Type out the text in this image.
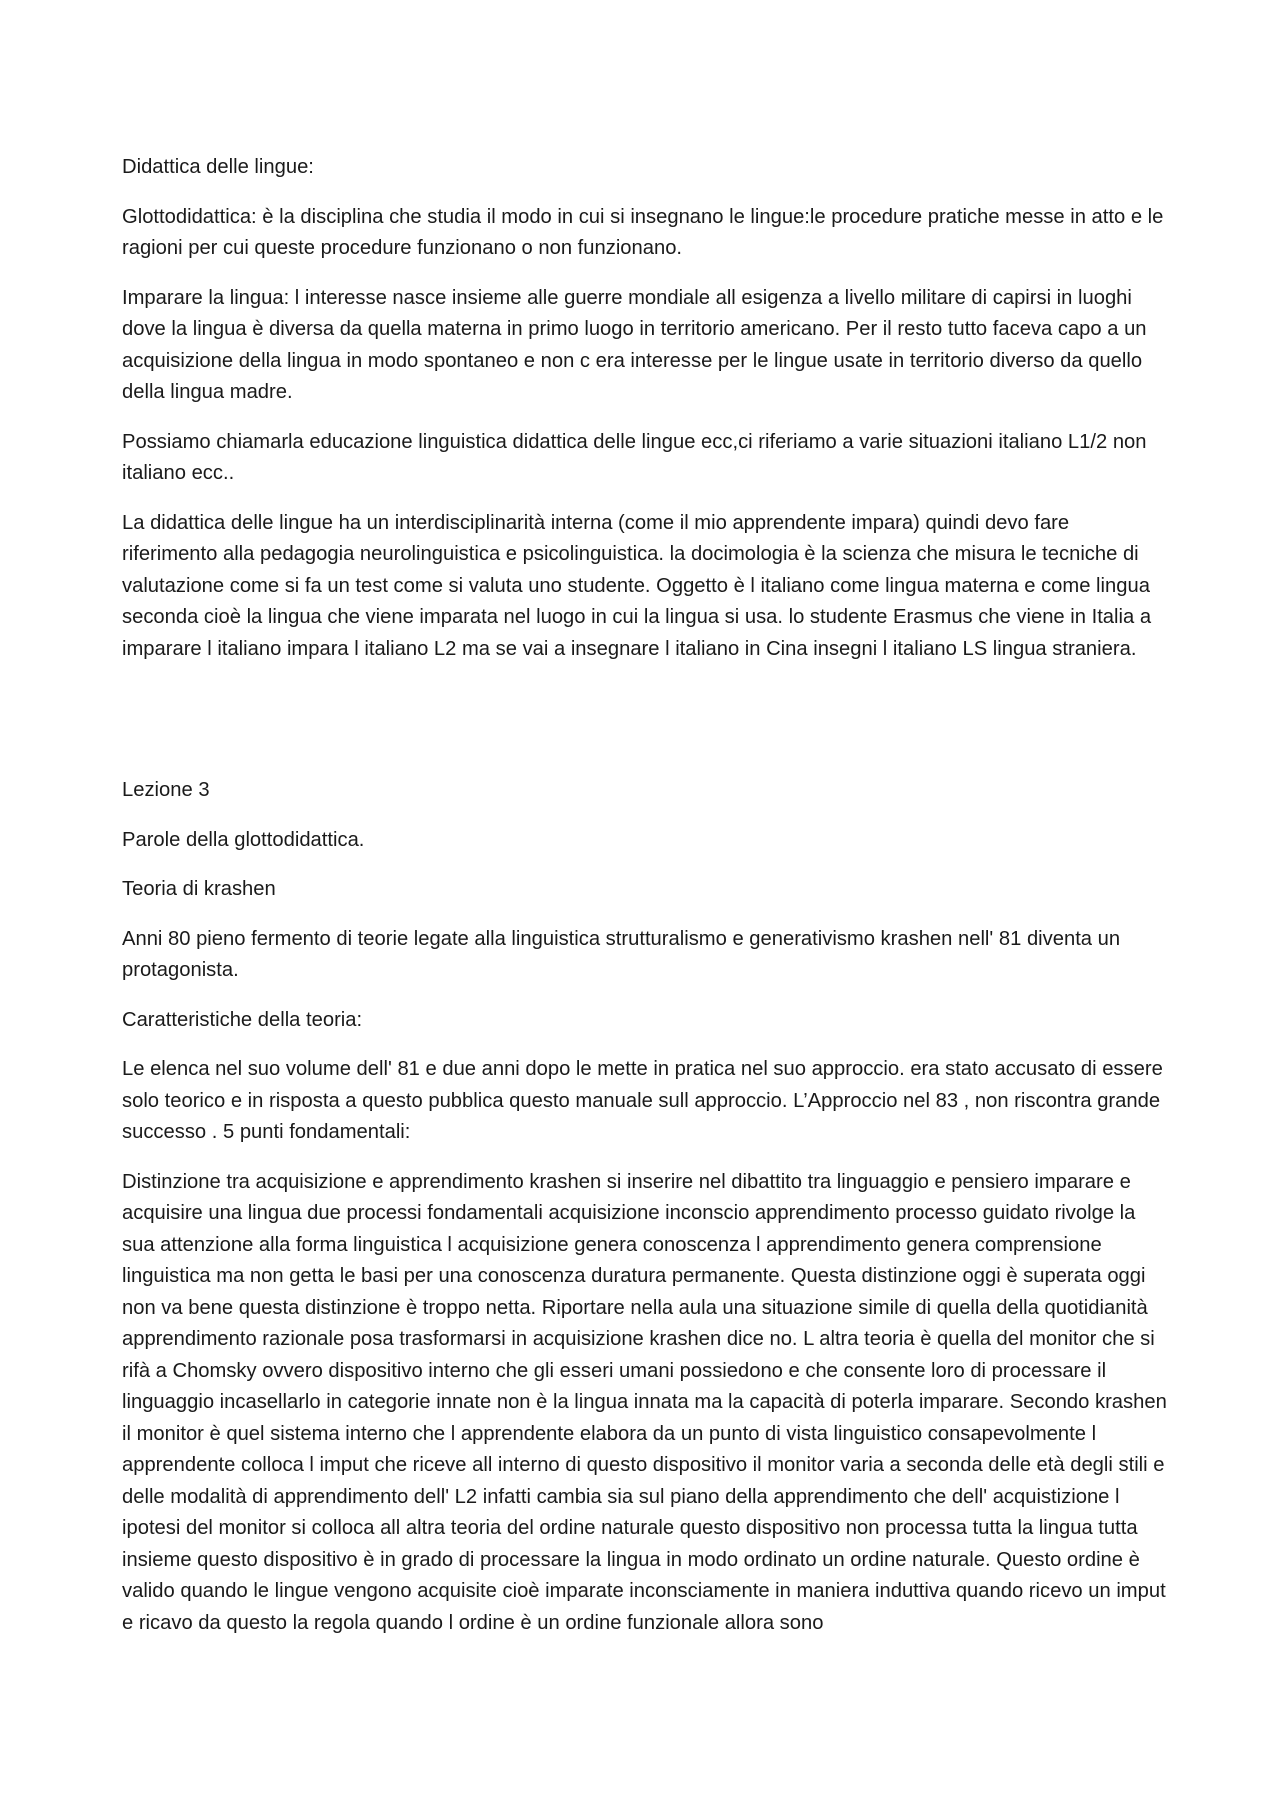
Didattica delle lingue:

Glottodidattica: è la disciplina che studia il modo in cui si insegnano le lingue:le procedure pratiche messe in atto e le ragioni per cui queste procedure funzionano o non funzionano.

Imparare la lingua: l interesse nasce insieme alle guerre mondiale all esigenza a livello militare di capirsi in luoghi dove la lingua è diversa da quella materna in primo luogo in territorio americano. Per il resto tutto faceva capo a un acquisizione della lingua in modo spontaneo e non c era interesse per le lingue usate in territorio diverso da quello della lingua madre.

Possiamo chiamarla educazione linguistica didattica delle lingue ecc,ci riferiamo a varie situazioni italiano L1/2 non italiano ecc..

La didattica delle lingue ha un interdisciplinarità interna (come il mio apprendente impara) quindi devo fare riferimento alla pedagogia neurolinguistica e psicolinguistica. la docimologia è la scienza che misura le tecniche di valutazione come si fa un test come si valuta uno studente. Oggetto è l italiano come lingua materna e come lingua seconda cioè la lingua che viene imparata nel luogo in cui la lingua si usa. lo studente Erasmus che viene in Italia a imparare l italiano impara l italiano L2 ma se vai a insegnare l italiano in Cina insegni l italiano LS lingua straniera.

Lezione 3

Parole della glottodidattica.

Teoria di krashen

Anni 80 pieno fermento di teorie legate alla linguistica strutturalismo e generativismo krashen nell' 81 diventa un protagonista.

Caratteristiche della teoria:

Le elenca nel suo volume dell' 81 e due anni dopo le mette in pratica nel suo approccio. era stato accusato di essere solo teorico e in risposta a questo pubblica questo manuale sull approccio. L’Approccio nel 83 , non riscontra grande successo . 5 punti fondamentali:

Distinzione tra acquisizione e apprendimento krashen si inserire nel dibattito tra linguaggio e pensiero imparare e acquisire una lingua due processi fondamentali acquisizione inconscio apprendimento processo guidato rivolge la sua attenzione alla forma linguistica l acquisizione genera conoscenza l apprendimento genera comprensione linguistica ma non getta le basi per una conoscenza duratura permanente. Questa distinzione oggi è superata oggi non va bene questa distinzione è troppo netta. Riportare nella aula una situazione simile di quella della quotidianità apprendimento razionale posa trasformarsi in acquisizione krashen dice no. L altra teoria è quella del monitor che si rifà a Chomsky ovvero dispositivo interno che gli esseri umani possiedono e che consente loro di processare il linguaggio incasellarlo in categorie innate non è la lingua innata ma la capacità di poterla imparare. Secondo krashen il monitor è quel sistema interno che l apprendente elabora da un punto di vista linguistico consapevolmente l apprendente colloca l imput che riceve all interno di questo dispositivo il monitor varia a seconda delle età degli stili e delle modalità di apprendimento dell' L2 infatti cambia sia sul piano della apprendimento che dell' acquistizione l ipotesi del monitor si colloca all altra teoria del ordine naturale questo dispositivo non processa tutta la lingua tutta insieme questo dispositivo è in grado di processare la lingua in modo ordinato un ordine naturale. Questo ordine è valido quando le lingue vengono acquisite cioè imparate inconsciamente in maniera induttiva quando ricevo un imput e ricavo da questo la regola quando l ordine è un ordine funzionale allora sono
